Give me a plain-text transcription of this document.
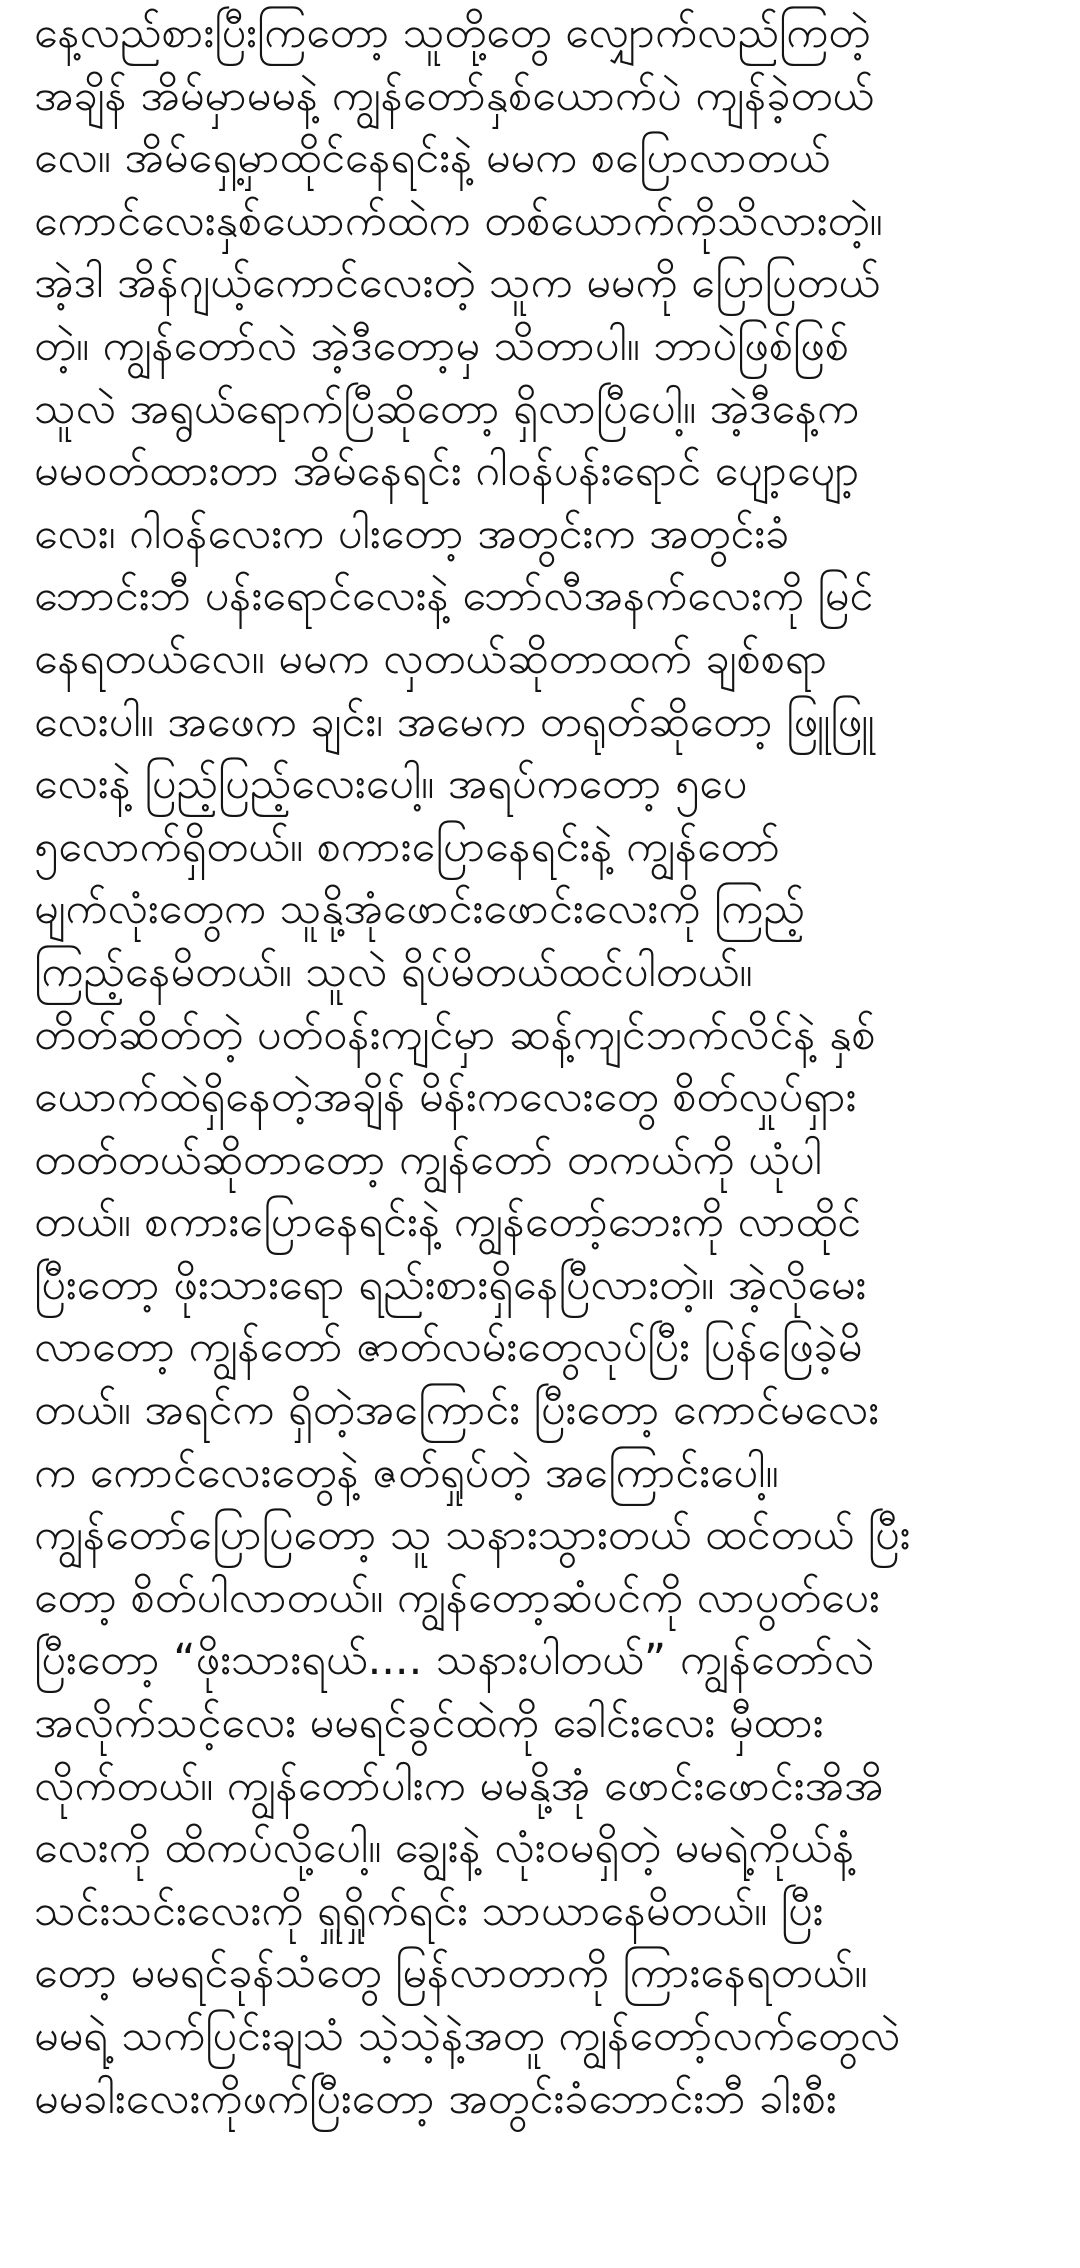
နေ့လည်စားပြီးကြတော့ သူတို့တွေ လျှောက်လည်ကြတဲ့
အချိန် အိမ်မှာမမနဲ့ ကျွန်တော်နှစ်ယောက်ပဲ ကျန်ခဲ့တယ်
လေ။ အိမ်ရှေ့မှာထိုင်နေရင်းနဲ့ မမက စပြောလာတယ်
ကောင်လေးနှစ်ယောက်ထဲက တစ်ယောက်ကိုသိလားတဲ့။
အဲ့ဒါ အိန်ဂျယ့်ကောင်လေးတဲ့ သူက မမကို ပြောပြတယ်
တဲ့။ ကျွန်တော်လဲ အဲ့ဒီတော့မှ သိတာပါ။ ဘာပဲဖြစ်ဖြစ်
သူလဲ အရွယ်ရောက်ပြီဆိုတော့ ရှိလာပြီပေါ့။ အဲ့ဒီနေ့က
မမဝတ်ထားတာ အိမ်နေရင်း ဂါဝန်ပန်းရောင် ပျော့ပျော့
လေး၊ ဂါဝန်လေးက ပါးတော့ အတွင်းက အတွင်းခံ
ဘောင်းဘီ ပန်းရောင်လေးနဲ့ ဘော်လီအနက်လေးကို မြင်
နေရတယ်လေ။ မမက လှတယ်ဆိုတာထက် ချစ်စရာ
လေးပါ။ အဖေက ချင်း၊ အမေက တရုတ်ဆိုတော့ ဖြူဖြူ
လေးနဲ့ ပြည့်ပြည့်လေးပေါ့။ အရပ်ကတော့ ၅ပေ
၅လောက်ရှိတယ်။ စကားပြောနေရင်းနဲ့ ကျွန်တော်
မျက်လုံးတွေက သူနို့အုံဖောင်းဖောင်းလေးကို ကြည့်
ကြည့်နေမိတယ်။ သူလဲ ရိပ်မိတယ်ထင်ပါတယ်။
တိတ်ဆိတ်တဲ့ ပတ်ဝန်းကျင်မှာ ဆန့်ကျင်ဘက်လိင်နဲ့ နှစ်
ယောက်ထဲရှိနေတဲ့အချိန် မိန်းကလေးတွေ စိတ်လှုပ်ရှား
တတ်တယ်ဆိုတာတော့ ကျွန်တော် တကယ်ကို ယုံပါ
တယ်။ စကားပြောနေရင်းနဲ့ ကျွန်တော့်ဘေးကို လာထိုင်
ပြီးတော့ ဖိုးသားရော ရည်းစားရှိနေပြီလားတဲ့။ အဲ့လိုမေး
လာတော့ ကျွန်တော် ဇာတ်လမ်းတွေလုပ်ပြီး ပြန်ဖြေခဲ့မိ
တယ်။ အရင်က ရှိတဲ့အကြောင်း ပြီးတော့ ကောင်မလေး
က ကောင်လေးတွေနဲ့ ဇတ်ရှုပ်တဲ့ အကြောင်းပေါ့။
ကျွန်တော်ပြောပြတော့ သူ သနားသွားတယ် ထင်တယ် ပြီး
တော့ စိတ်ပါလာတယ်။ ကျွန်တော့ဆံပင်ကို လာပွတ်ပေး
ပြီးတော့ “ဖိုးသားရယ်.... သနားပါတယ်” ကျွန်တော်လဲ
အလိုက်သင့်လေး မမရင်ခွင်ထဲကို ခေါင်းလေး မှီထား
လိုက်တယ်။ ကျွန်တော်ပါးက မမနို့အုံ ဖောင်းဖောင်းအိအိ
လေးကို ထိကပ်လို့ပေါ့။ ချွေးနဲ့ လုံးဝမရှိတဲ့ မမရဲ့ကိုယ်နံ့
သင်းသင်းလေးကို ရှူရှိုက်ရင်း သာယာနေမိတယ်။ ပြီး
တော့ မမရင်ခုန်သံတွေ မြန်လာတာကို ကြားနေရတယ်။
မမရဲ့ သက်ပြင်းချသံ သဲ့သဲ့နဲ့အတူ ကျွန်တော့်လက်တွေလဲ
မမခါးလေးကိုဖက်ပြီးတော့ အတွင်းခံဘောင်းဘီ ခါးစီး
